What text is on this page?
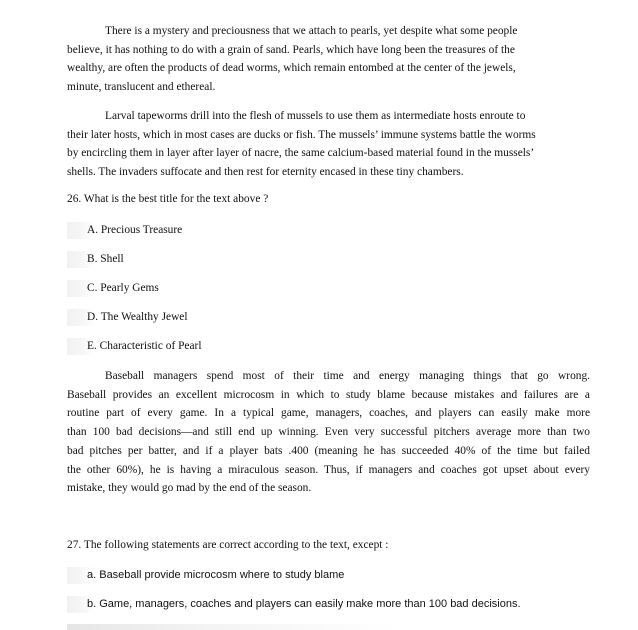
There is a mystery and preciousness that we attach to pearls, yet despite what some people
believe, it has nothing to do with a grain of sand. Pearls, which have long been the treasures of the
wealthy, are often the products of dead worms, which remain entombed at the center of the jewels,
minute, translucent and ethereal.
Larval tapeworms drill into the flesh of mussels to use them as intermediate hosts enroute to
their later hosts, which in most cases are ducks or fish. The mussels’ immune systems battle the worms
by encircling them in layer after layer of nacre, the same calcium-based material found in the mussels’
shells. The invaders suffocate and then rest for eternity encased in these tiny chambers.

26. What is the best title for the text above ?

A. Precious Treasure
B. Shell
C. Pearly Gems
D. The Wealthy Jewel
E. Characteristic of Pearl
Baseball managers spend most of their time and energy managing things that go wrong.
Baseball provides an excellent microcosm in which to study blame because mistakes and failures are a
routine part of every game. In a typical game, managers, coaches, and players can easily make more
than 100 bad decisions—and still end up winning. Even very successful pitchers average more than two
bad pitches per batter, and if a player bats .400 (meaning he has succeeded 40% of the time but failed
the other 60%), he is having a miraculous season. Thus, if managers and coaches got upset about every
mistake, they would go mad by the end of the season.

27. The following statements are correct according to the text, except :

a. Baseball provide microcosm where to study blame
b. Game, managers, coaches and players can easily make more than 100 bad decisions.
